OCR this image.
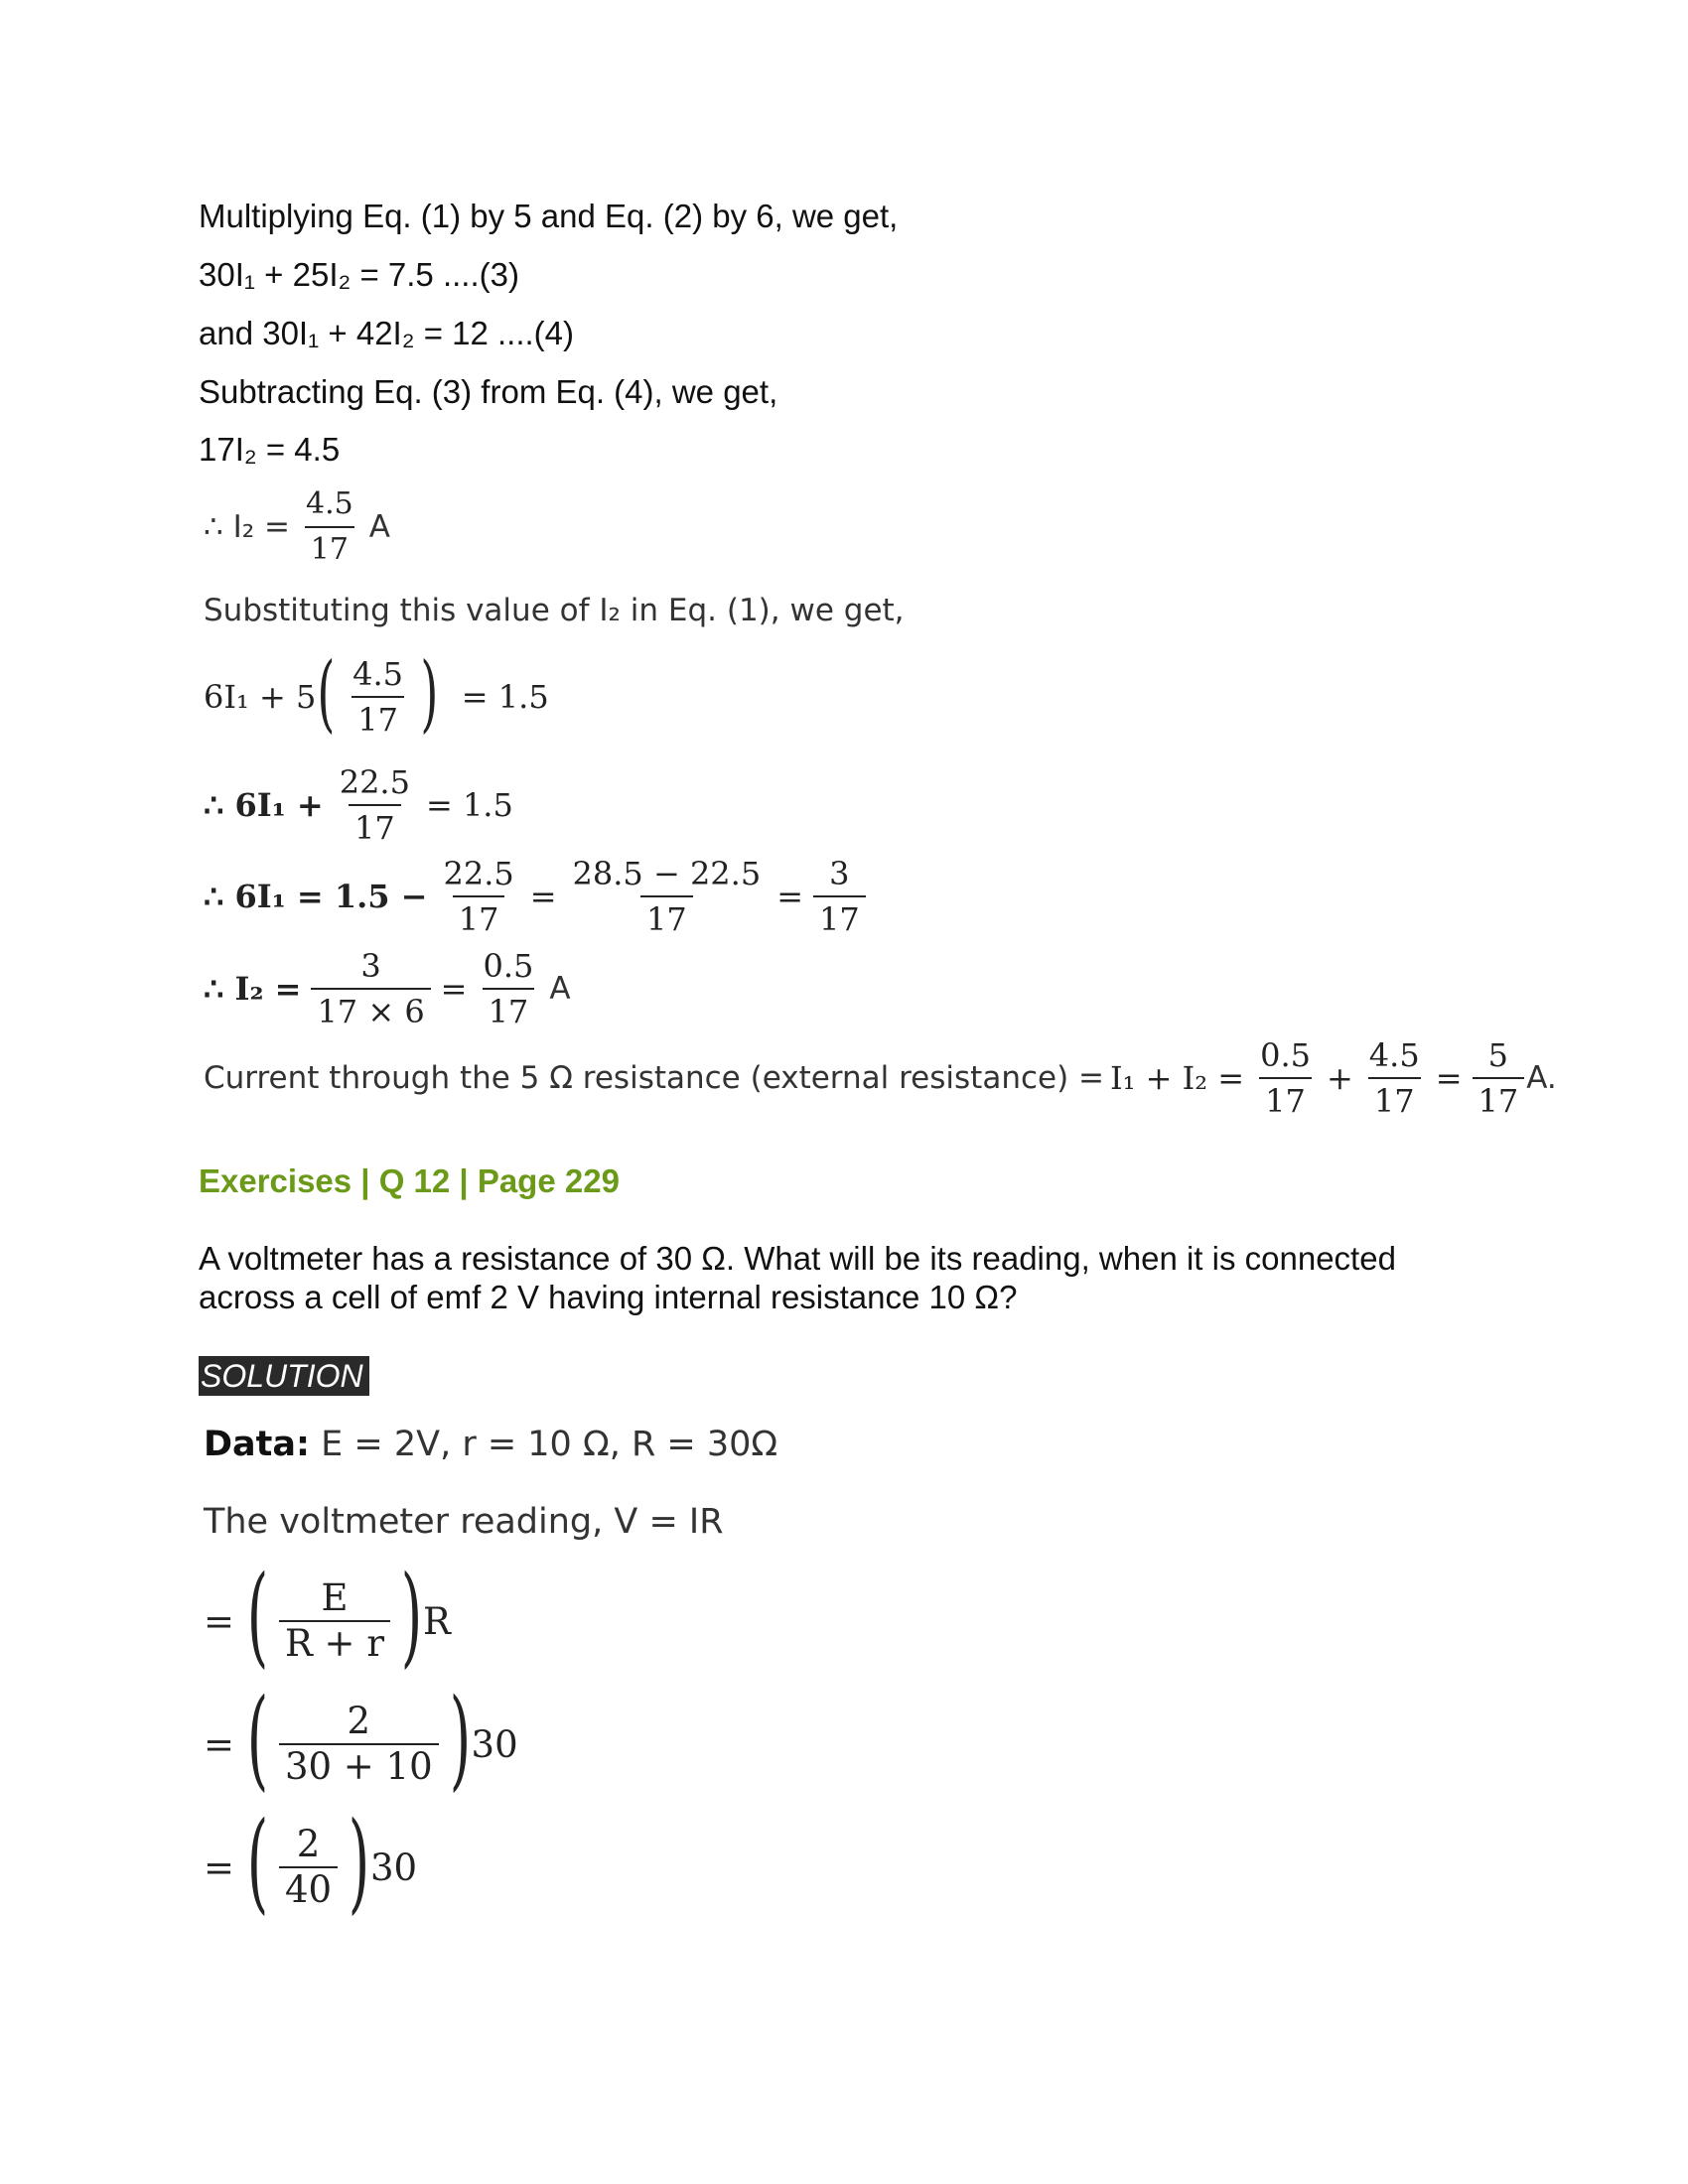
Multiplying Eq. (1) by 5 and Eq. (2) by 6, we get,
30I₁ + 25I₂ = 7.5 ....(3)
and 30I₁ + 42I₂ = 12 ....(4)
Subtracting Eq. (3) from Eq. (4), we get,
17I₂ = 4.5
∴ $I_2 = \frac{4.5}{17}$ A
Substituting this value of I₂ in Eq. (1), we get,
6I₁ + 5 ( $\frac{4.5}{17}$ ) = 1.5
∴ $6I_1 + \frac{22.5}{17} = 1.5$
∴ $6I_1 = 1.5 - \frac{22.5}{17} = \frac{28.5 - 22.5}{17} = \frac{3}{17}$
∴ $I_2 = \frac{3}{17 \times 6} = \frac{0.5}{17}$ A
Current through the 5 Ω resistance (external resistance) = $I_1 + I_2 = \frac{0.5}{17} + \frac{4.5}{17} = \frac{5}{17} A$.
Exercises | Q 12 | Page 229
A voltmeter has a resistance of 30 Ω. What will be its reading, when it is connected across a cell of emf 2 V having internal resistance 10 Ω?
SOLUTION
Data: E = 2V, r = 10 Ω, R = 30Ω
The voltmeter reading, V = IR
= ( $\frac{E}{R + r}$ ) R
= ( $\frac{2}{30 + 10}$ ) 30
= ( $\frac{2}{40}$ ) 30
